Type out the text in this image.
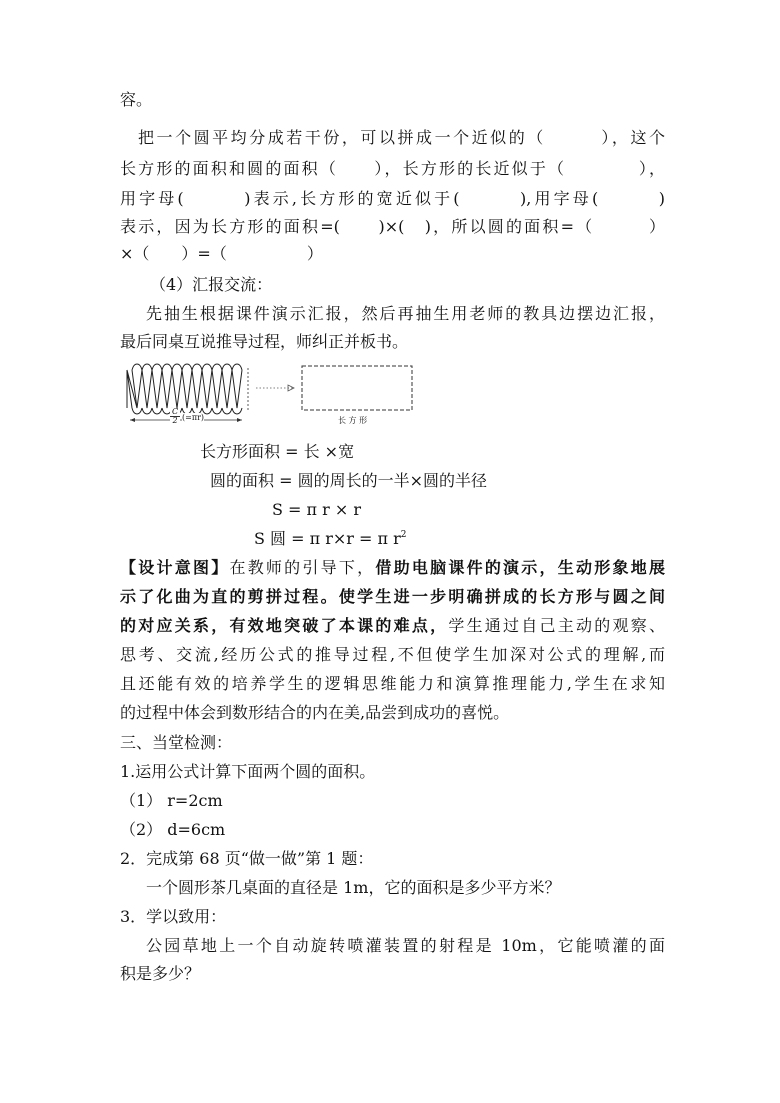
容。
把一个圆平均分成若干份，可以拼成一个近似的（　　　），这个
长方形的面积和圆的面积（　　），长方形的长近似于（　　　　），
用字母(　　　)表示,长方形的宽近似于(　　　),用字母(　　　)
表示，因为长方形的面积=(　　)×(　)，所以圆的面积=（　　　）
×（　　）=（　　　　　）
（4）汇报交流：
先抽生根据课件演示汇报，然后再抽生用老师的教具边摆边汇报，
最后同桌互说推导过程，师纠正并板书。
$\frac{C}{2} (=\pi r)$	长 方 形
长方形面积 = 长 ×宽
圆的面积 = 圆的周长的一半×圆的半径
S = π r × r
S 圆 = π r×r = π $r^2$
【设计意图】在教师的引导下，借助电脑课件的演示，生动形象地展
示了化曲为直的剪拼过程。使学生进一步明确拼成的长方形与圆之间
的对应关系，有效地突破了本课的难点，学生通过自己主动的观察、
思考、交流,经历公式的推导过程,不但使学生加深对公式的理解,而
且还能有效的培养学生的逻辑思维能力和演算推理能力,学生在求知
的过程中体会到数形结合的内在美,品尝到成功的喜悦。
三、当堂检测：
1.运用公式计算下面两个圆的面积。
（1） r=2cm
（2） d=6cm
2．完成第 68 页“做一做”第 1 题：
一个圆形茶几桌面的直径是 1m，它的面积是多少平方米？
3．学以致用：
公园草地上一个自动旋转喷灌装置的射程是 10m，它能喷灌的面
积是多少？
